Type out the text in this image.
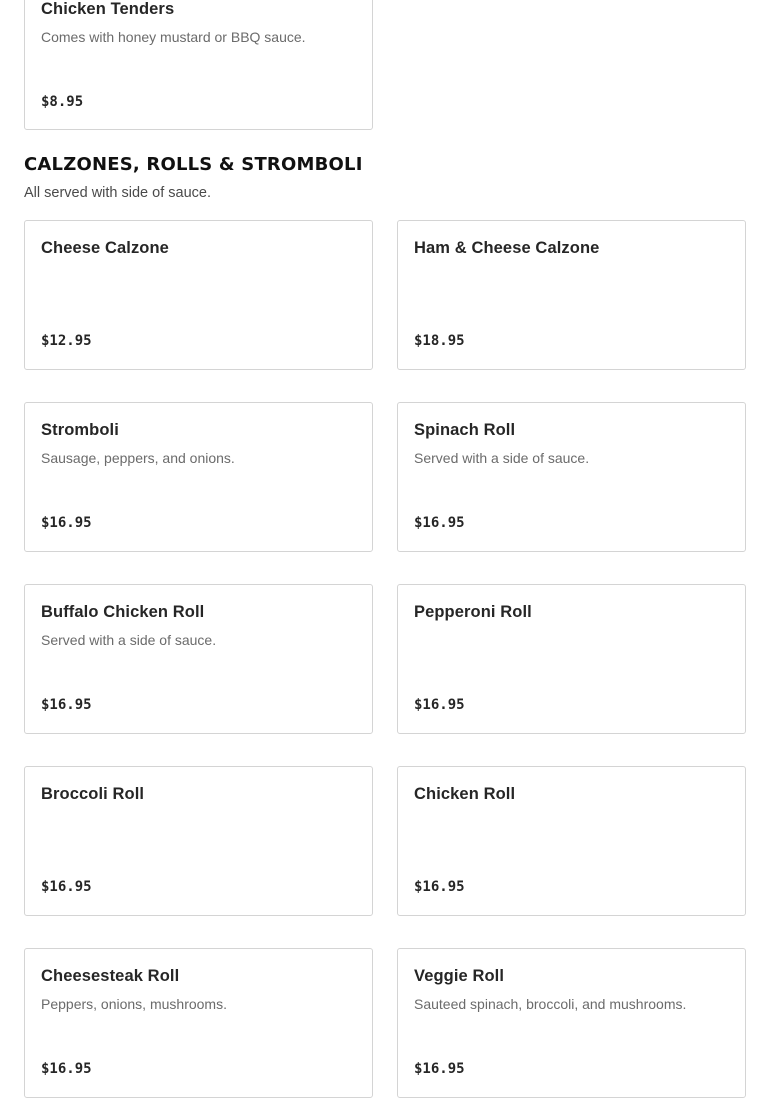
Chicken Tenders
Comes with honey mustard or BBQ sauce.
$8.95
CALZONES, ROLLS & STROMBOLI

All served with side of sauce.

Cheese Calzone
$12.95
Ham & Cheese Calzone
$18.95
Stromboli
Sausage, peppers, and onions.
$16.95
Spinach Roll
Served with a side of sauce.
$16.95
Buffalo Chicken Roll
Served with a side of sauce.
$16.95
Pepperoni Roll
$16.95
Broccoli Roll
$16.95
Chicken Roll
$16.95
Cheesesteak Roll
Peppers, onions, mushrooms.
$16.95
Veggie Roll
Sauteed spinach, broccoli, and mushrooms.
$16.95
